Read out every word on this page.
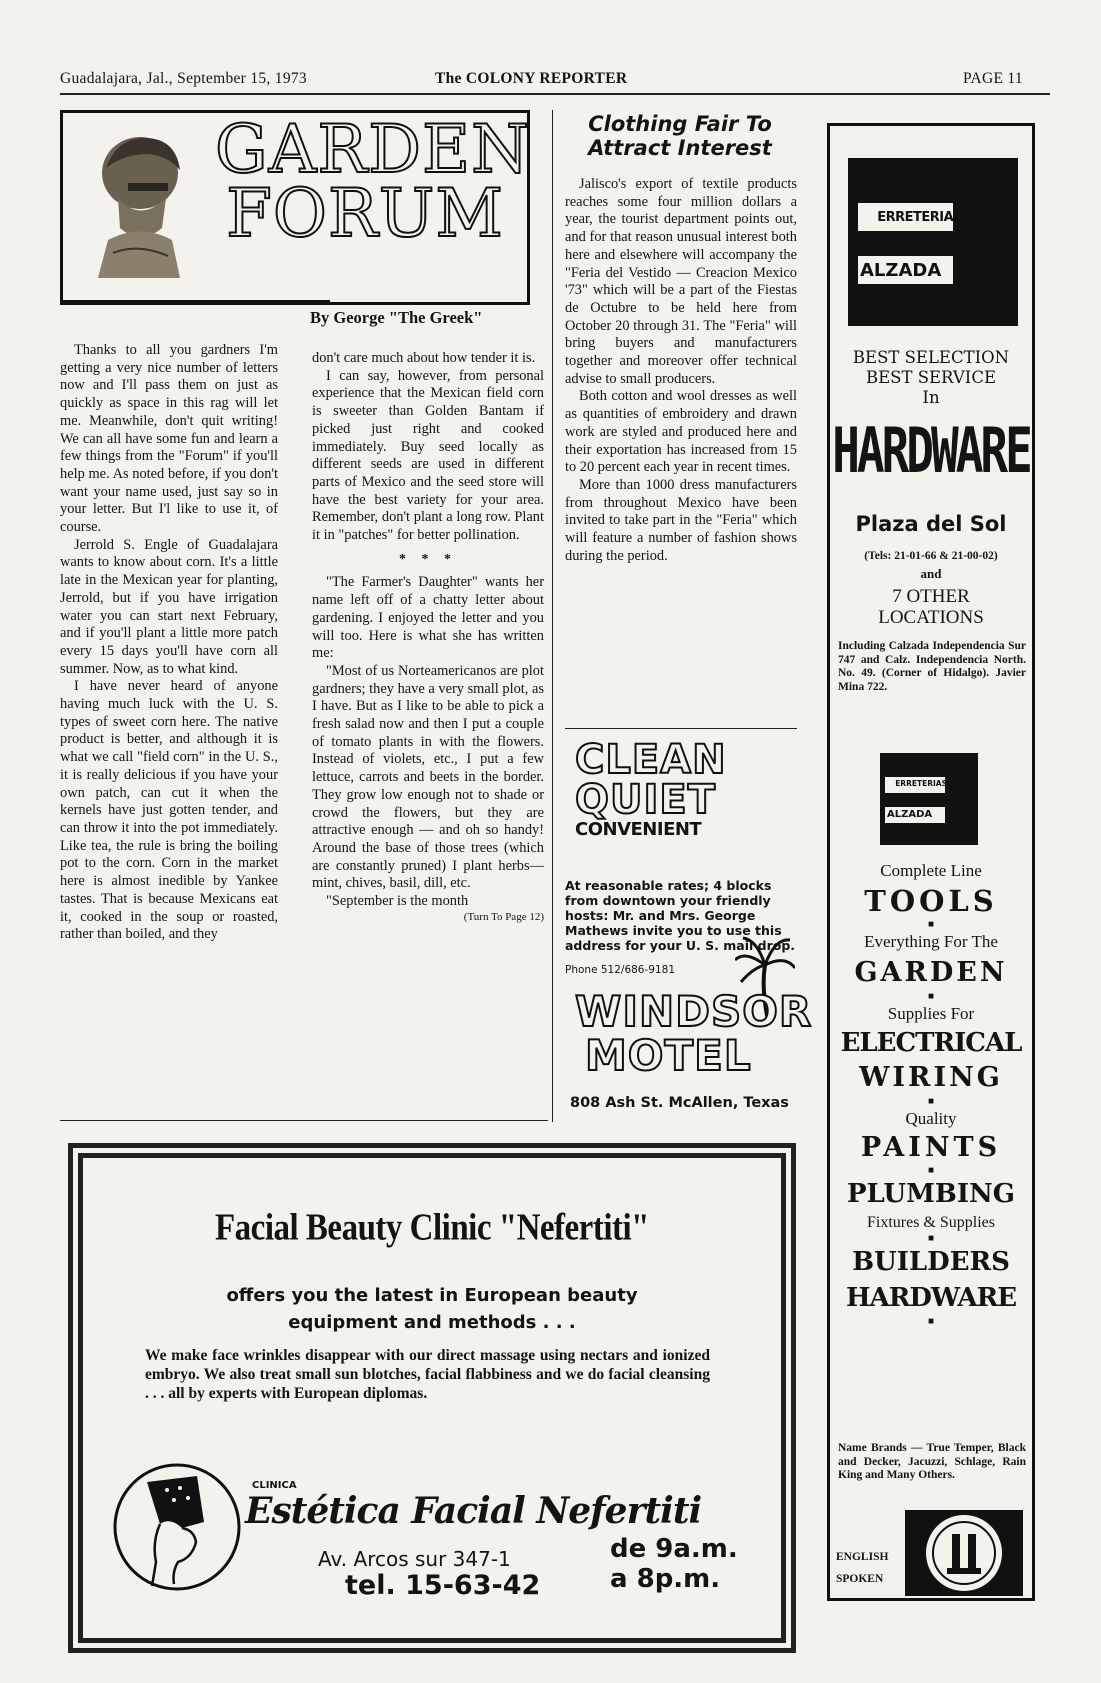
Guadalajara, Jal., September 15, 1973	The COLONY REPORTER	PAGE 11
GARDEN
FORUM
By George "The Greek"

Thanks to all you gardners I'm getting a very nice number of letters now and I'll pass them on just as quickly as space in this rag will let me. Meanwhile, don't quit writing! We can all have some fun and learn a few things from the "Forum" if you'll help me. As noted before, if you don't want your name used, just say so in your letter. But I'l like to use it, of course.

Jerrold S. Engle of Guadalajara wants to know about corn. It's a little late in the Mexican year for planting, Jerrold, but if you have irrigation water you can start next February, and if you'll plant a little more patch every 15 days you'll have corn all summer. Now, as to what kind.

I have never heard of anyone having much luck with the U. S. types of sweet corn here. The native product is better, and although it is what we call "field corn" in the U. S., it is really delicious if you have your own patch, can cut it when the kernels have just gotten tender, and can throw it into the pot immediately. Like tea, the rule is bring the boiling pot to the corn. Corn in the market here is almost inedible by Yankee tastes. That is because Mexicans eat it, cooked in the soup or roasted, rather than boiled, and they

don't care much about how tender it is.

I can say, however, from personal experience that the Mexican field corn is sweeter than Golden Bantam if picked just right and cooked immediately. Buy seed locally as different seeds are used in different parts of Mexico and the seed store will have the best variety for your area. Remember, don't plant a long row. Plant it in "patches" for better pollination.

* * *

"The Farmer's Daughter" wants her name left off of a chatty letter about gardening. I enjoyed the letter and you will too. Here is what she has written me:

"Most of us Norteamericanos are plot gardners; they have a very small plot, as I have. But as I like to be able to pick a fresh salad now and then I put a couple of tomato plants in with the flowers. Instead of violets, etc., I put a few lettuce, carrots and beets in the border. They grow low enough not to shade or crowd the flowers, but they are attractive enough — and oh so handy! Around the base of those trees (which are constantly pruned) I plant herbs—mint, chives, basil, dill, etc.

"September is the month

(Turn To Page 12)
Clothing Fair To
Attract Interest

Jalisco's export of textile products reaches some four million dollars a year, the tourist department points out, and for that reason unusual interest both here and elsewhere will accompany the "Feria del Vestido — Creacion Mexico '73" which will be a part of the Fiestas de Octubre to be held here from October 20 through 31. The "Feria" will bring buyers and manufacturers together and moreover offer technical advise to small producers.

Both cotton and wool dresses as well as quantities of embroidery and drawn work are styled and produced here and their exportation has increased from 15 to 20 percent each year in recent times.

More than 1000 dress manufacturers from throughout Mexico have been invited to take part in the "Feria" which will feature a number of fashion shows during the period.

CLEAN
QUIET
CONVENIENT
At reasonable rates; 4 blocks from downtown your friendly hosts: Mr. and Mrs. George Mathews invite you to use this address for your U. S. mail drop.
Phone 512/686-9181
WINDSOR
MOTEL
808 Ash St. McAllen, Texas
ERRETERIAS
ALZADA
BEST SELECTION
BEST SERVICE
In
HARDWARE
Plaza del Sol
(Tels: 21-01-66 & 21-00-02)
and
7 OTHER
LOCATIONS
Including Calzada Independencia Sur 747 and Calz. Independencia North. No. 49. (Corner of Hidalgo). Javier Mina 722.
ERRETERIAS
ALZADA
Complete Line
TOOLS
■
Everything For The
GARDEN
■
Supplies For
ELECTRICAL
WIRING
■
Quality
PAINTS
■
PLUMBING
Fixtures & Supplies
■
BUILDERS
HARDWARE
■
Name Brands — True Temper, Black and Decker, Jacuzzi, Schlage, Rain King and Many Others.
ENGLISH
SPOKEN
Facial Beauty Clinic "Nefertiti"
offers you the latest in European beauty
equipment and methods . . .
We make face wrinkles disappear with our direct massage using nectars and ionized embryo. We also treat small sun blotches, facial flabbiness and we do facial cleansing . . . all by experts with European diplomas.
CLINICA
Estética Facial Nefertiti
Av. Arcos sur 347-1
tel. 15-63-42
de 9a.m.
a 8p.m.
